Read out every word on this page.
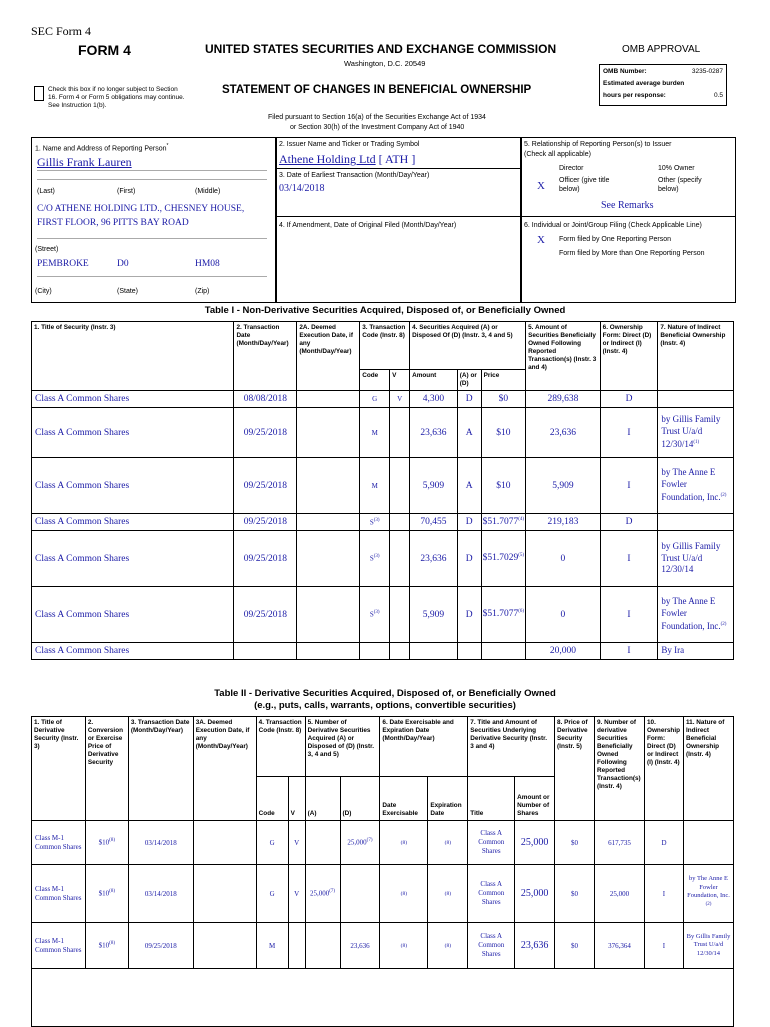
SEC Form 4
FORM 4	UNITED STATES SECURITIES AND EXCHANGE COMMISSION
Washington, D.C. 20549
Check this box if no longer subject to Section 16. Form 4 or Form 5 obligations may continue. See Instruction 1(b).
STATEMENT OF CHANGES IN BENEFICIAL OWNERSHIP
Filed pursuant to Section 16(a) of the Securities Exchange Act of 1934
or Section 30(h) of the Investment Company Act of 1940
OMB APPROVAL
OMB Number:	3235-0287
Estimated average burden
hours per response:	0.5
1. Name and Address of Reporting Person*
Gillis Frank Lauren
(Last)	(First)	(Middle)
C/O ATHENE HOLDING LTD., CHESNEY HOUSE,
FIRST FLOOR, 96 PITTS BAY ROAD
(Street)
PEMBROKE	D0	HM08
(City)	(State)	(Zip)
2. Issuer Name and Ticker or Trading Symbol
Athene Holding Ltd [ ATH ]
3. Date of Earliest Transaction (Month/Day/Year)
03/14/2018
4. If Amendment, Date of Original Filed (Month/Day/Year)
5. Relationship of Reporting Person(s) to Issuer
(Check all applicable)
Director	10% Owner
X Officer (give title below)
Other (specify below)
See Remarks
6. Individual or Joint/Group Filing (Check Applicable Line)
X Form filed by One Reporting Person
Form filed by More than One Reporting Person
Table I - Non-Derivative Securities Acquired, Disposed of, or Beneficially Owned
1. Title of Security (Instr. 3)	2. Transaction Date (Month/Day/Year)	2A. Deemed Execution Date, if any (Month/Day/Year)	3. Transaction Code (Instr. 8)		4. Securities Acquired (A) or Disposed Of (D) (Instr. 3, 4 and 5)			5. Amount of Securities Beneficially Owned Following Reported Transaction(s) (Instr. 3 and 4)	6. Ownership Form: Direct (D) or Indirect (I) (Instr. 4)	7. Nature of Indirect Beneficial Ownership (Instr. 4)
			Code	V	Amount	(A) or (D)	Price			
Class A Common Shares	08/08/2018		G	V	4,300	D	$0	289,638	D	
Class A Common Shares	09/25/2018		M		23,636	A	$10	23,636	I	by Gillis Family Trust U/a/d 12/30/14$^{(1)}$
Class A Common Shares	09/25/2018		M		5,909	A	$10	5,909	I	by The Anne E Fowler Foundation, Inc.$^{(2)}$
Class A Common Shares	09/25/2018		$S^{(3)}$		70,455	D	$51.7077$^{(4)}$	219,183	D	
Class A Common Shares	09/25/2018		$S^{(3)}$		23,636	D	$51.7029$^{(5)}$	0	I	by Gillis Family Trust U/a/d 12/30/14
Class A Common Shares	09/25/2018		$S^{(3)}$		5,909	D	$51.7077$^{(6)}$	0	I	by The Anne E Fowler Foundation, Inc.$^{(2)}$
Class A Common Shares								20,000	I	By Ira
Table II - Derivative Securities Acquired, Disposed of, or Beneficially Owned
(e.g., puts, calls, warrants, options, convertible securities)
1. Title of Derivative Security (Instr. 3)	2. Conversion or Exercise Price of Derivative Security	3. Transaction Date (Month/Day/Year)	3A. Deemed Execution Date, if any (Month/Day/Year)	4. Transaction Code (Instr. 8)		5. Number of Derivative Securities Acquired (A) or Disposed of (D) (Instr. 3, 4 and 5)		6. Date Exercisable and Expiration Date (Month/Day/Year)		7. Title and Amount of Securities Underlying Derivative Security (Instr. 3 and 4)		8. Price of Derivative Security (Instr. 5)	9. Number of derivative Securities Beneficially Owned Following Reported Transaction(s) (Instr. 4)	10. Ownership Form: Direct (D) or Indirect (I) (Instr. 4)	11. Nature of Indirect Beneficial Ownership (Instr. 4)
				Code	V	(A)	(D)	Date Exercisable	Expiration Date	Title	Amount or Number of Shares				
Class M-1 Common Shares	$10$^{(8)}$	03/14/2018		G	V		25,000$^{(7)}$	(8)	(8)	Class A Common Shares	25,000	$0	617,735	D	
Class M-1 Common Shares	$10$^{(8)}$	03/14/2018		G	V	25,000$^{(7)}$		(8)	(8)	Class A Common Shares	25,000	$0	25,000	I	by The Anne E Fowler Foundation, Inc.$^{(2)}$
Class M-1 Common Shares	$10$^{(8)}$	09/25/2018		M			23,636	(8)	(8)	Class A Common Shares	23,636	$0	376,364	I	By Gillis Family Trust U/a/d 12/30/14
